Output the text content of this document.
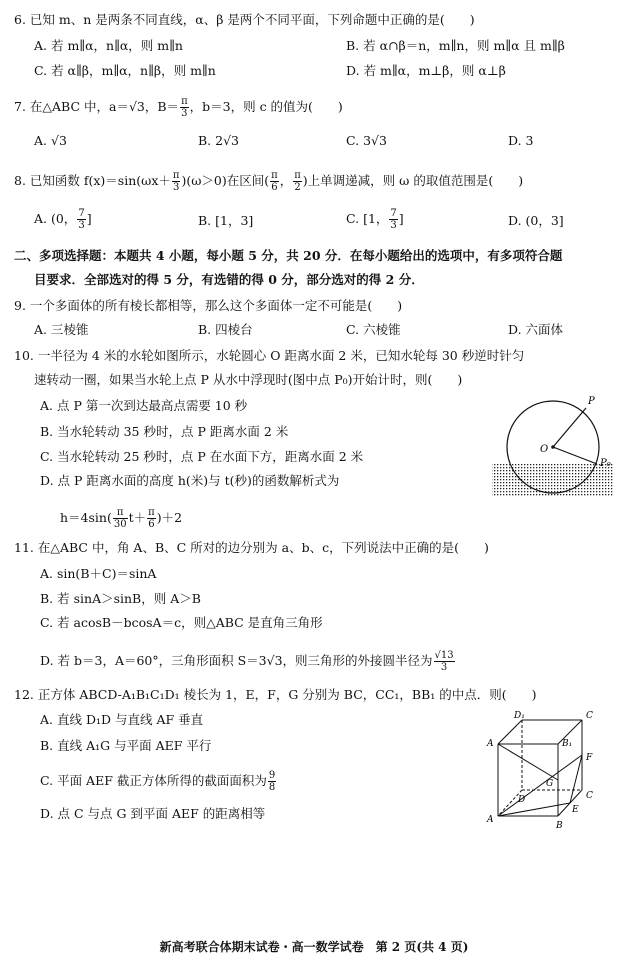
6. 已知 m、n 是两条不同直线，α、β 是两个不同平面，下列命题中正确的是(　　)
A. 若 m∥α，n∥α，则 m∥n	B. 若 α∩β＝n，m∥n，则 m∥α 且 m∥β
C. 若 α∥β，m∥α，n∥β，则 m∥n	D. 若 m∥α，m⊥β，则 α⊥β
7. 在△ABC 中，a＝√3，$B= \frac{\pi}{3}$ ，b＝3，则 c 的值为(　　)
A. √3	B. 2√3	C. 3√3	D. 3
8. 已知函数 $f(x)=\sin(\omega x+ \frac{\pi}{3} )(\omega>0)$在区间( $\frac{\pi}{6}$ ， $\frac{\pi}{2}$ )上单调递减，则 ω 的取值范围是(　　)
A. (0， $\frac{7}{3}$ ]	B. [1，3]	C. [1， $\frac{7}{3}$ ]	D. (0，3]
二、多项选择题：本题共 4 小题，每小题 5 分，共 20 分．在每小题给出的选项中，有多项符合题
目要求．全部选对的得 5 分，有选错的得 0 分，部分选对的得 2 分．
9. 一个多面体的所有棱长都相等，那么这个多面体一定不可能是(　　)
A. 三棱锥	B. 四棱台	C. 六棱锥	D. 六面体
10. 一半径为 4 米的水轮如图所示，水轮圆心 O 距离水面 2 米，已知水轮每 30 秒逆时针匀
速转动一圈，如果当水轮上点 P 从水中浮现时(图中点 P₀)开始计时，则(　　)
A. 点 P 第一次到达最高点需要 10 秒
B. 当水轮转动 35 秒时，点 P 距离水面 2 米
C. 当水轮转动 25 秒时，点 P 在水面下方，距离水面 2 米
D. 点 P 距离水面的高度 h(米)与 t(秒)的函数解析式为
$h=4\sin( \frac{\pi}{30} t+ \frac{\pi}{6} )+2$
P
O
P₀
11. 在△ABC 中，角 A、B、C 所对的边分别为 a、b、c，下列说法中正确的是(　　)
A. sin(B＋C)＝sinA
B. 若 sinA＞sinB，则 A＞B
C. 若 acosB－bcosA＝c，则△ABC 是直角三角形
D. 若 b＝3，A＝60°，三角形面积 S＝3√3，则三角形的外接圆半径为 $\frac{√13}{3}$
12. 正方体 ABCD-A₁B₁C₁D₁ 棱长为 1，E，F，G 分别为 BC，CC₁，BB₁ 的中点．则(　　)
A. 直线 D₁D 与直线 AF 垂直
B. 直线 A₁G 与平面 AEF 平行
C. 平面 AEF 截正方体所得的截面面积为 $\frac{9}{8}$
D. 点 C 与点 G 到平面 AEF 的距离相等
D₁	C
A	B₁
F
G
D	C
A
E
B
新高考联合体期末试卷・高一数学试卷　第 2 页(共 4 页)
